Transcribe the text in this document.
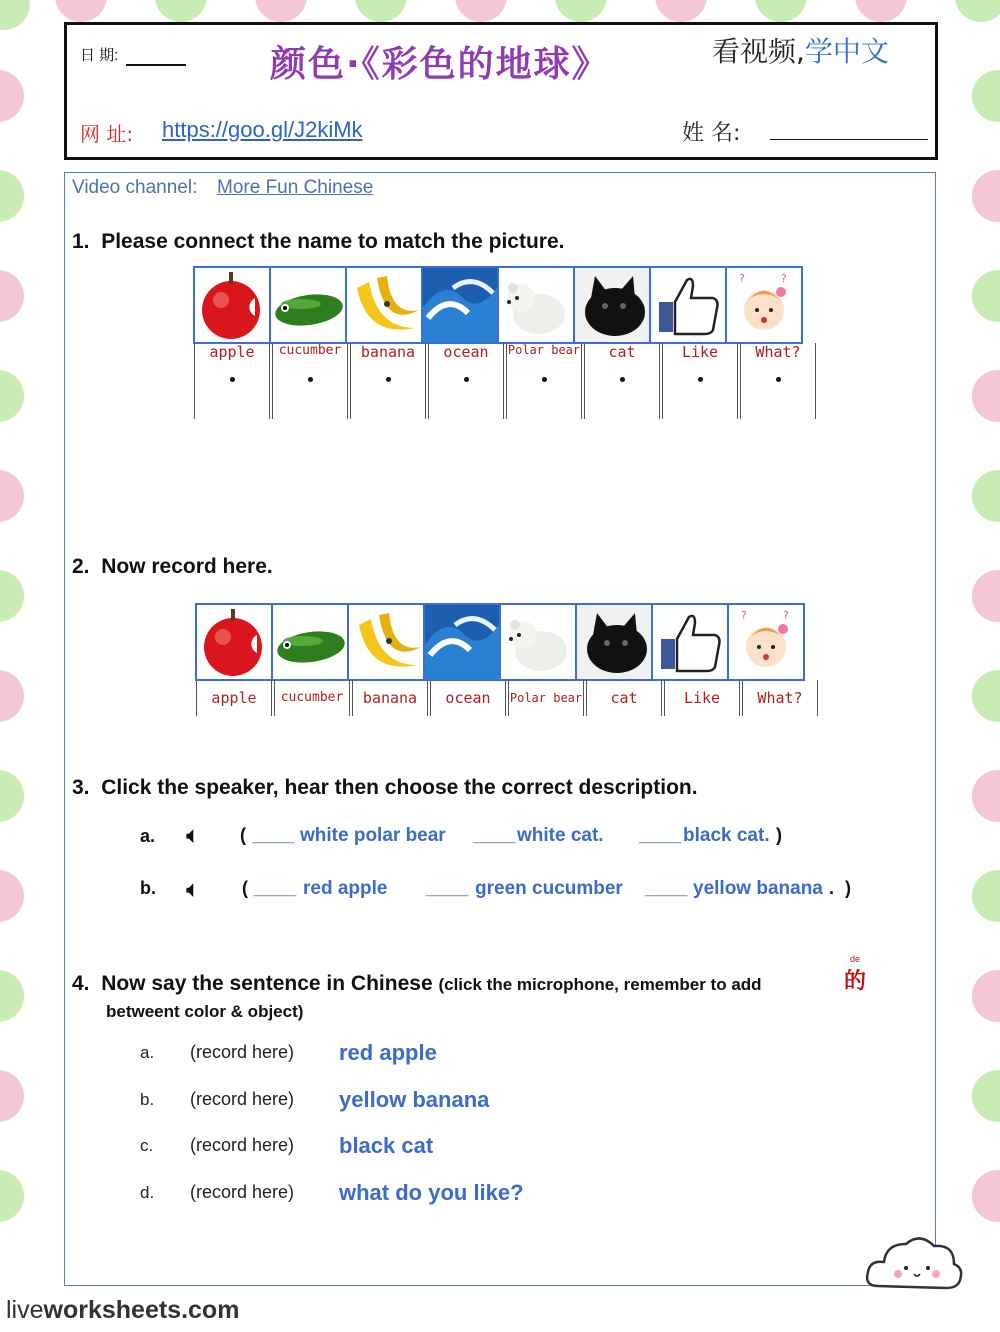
日 期:	颜色·《彩色的地球》	看视频,学中文
网 址: https://goo.gl/J2kiMk	姓 名:
Video channel: More Fun Chinese
1. Please connect the name to match the picture.
?	?
apple	cucumber	banana	ocean	Polar bear	cat	Like	What?
2. Now record here.
?	?
apple	cucumber	banana	ocean	Polar bear	cat	Like	What?
3. Click the speaker, hear then choose the correct description.
a. 🔈︎ ( ____ white polar bear ____ white cat. ____ black cat. )
b. 🔈︎ ( ____ red apple ____ green cucumber ____ yellow banana . )
4. Now say the sentence in Chinese (click the microphone, remember to add
de
的
betweent color & object)
a. (record here) red apple
b. (record here) yellow banana
c. (record here) black cat
d. (record here) what do you like?
liveworksheets.com
